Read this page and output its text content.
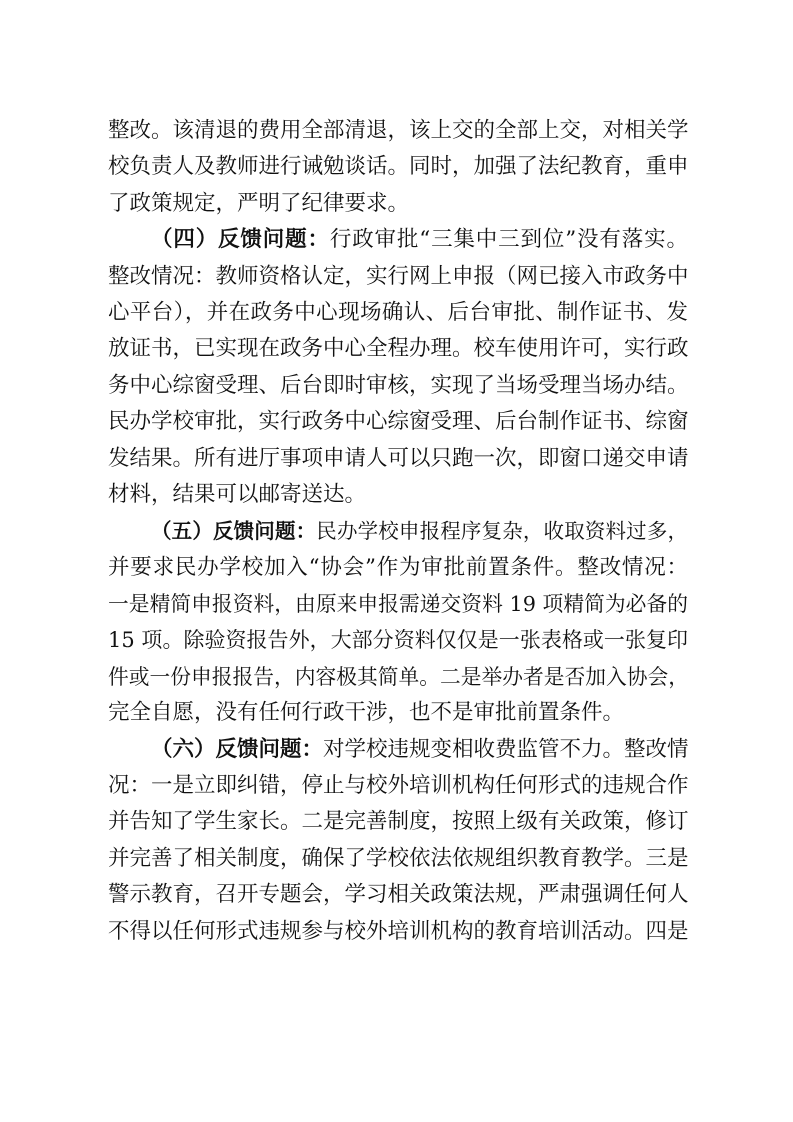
整改。该清退的费用全部清退，该上交的全部上交，对相关学
校负责人及教师进行诫勉谈话。同时，加强了法纪教育，重申
了政策规定，严明了纪律要求。
（四）反馈问题：行政审批“三集中三到位”没有落实。
整改情况：教师资格认定，实行网上申报（网已接入市政务中
心平台），并在政务中心现场确认、后台审批、制作证书、发
放证书，已实现在政务中心全程办理。校车使用许可，实行政
务中心综窗受理、后台即时审核，实现了当场受理当场办结。
民办学校审批，实行政务中心综窗受理、后台制作证书、综窗
发结果。所有进厅事项申请人可以只跑一次，即窗口递交申请
材料，结果可以邮寄送达。
（五）反馈问题：民办学校申报程序复杂，收取资料过多，
并要求民办学校加入“协会”作为审批前置条件。整改情况：
一是精简申报资料，由原来申报需递交资料 19 项精简为必备的
15 项。除验资报告外，大部分资料仅仅是一张表格或一张复印
件或一份申报报告，内容极其简单。二是举办者是否加入协会，
完全自愿，没有任何行政干涉，也不是审批前置条件。
（六）反馈问题：对学校违规变相收费监管不力。整改情
况：一是立即纠错，停止与校外培训机构任何形式的违规合作
并告知了学生家长。二是完善制度，按照上级有关政策，修订
并完善了相关制度，确保了学校依法依规组织教育教学。三是
警示教育，召开专题会，学习相关政策法规，严肃强调任何人
不得以任何形式违规参与校外培训机构的教育培训活动。四是
